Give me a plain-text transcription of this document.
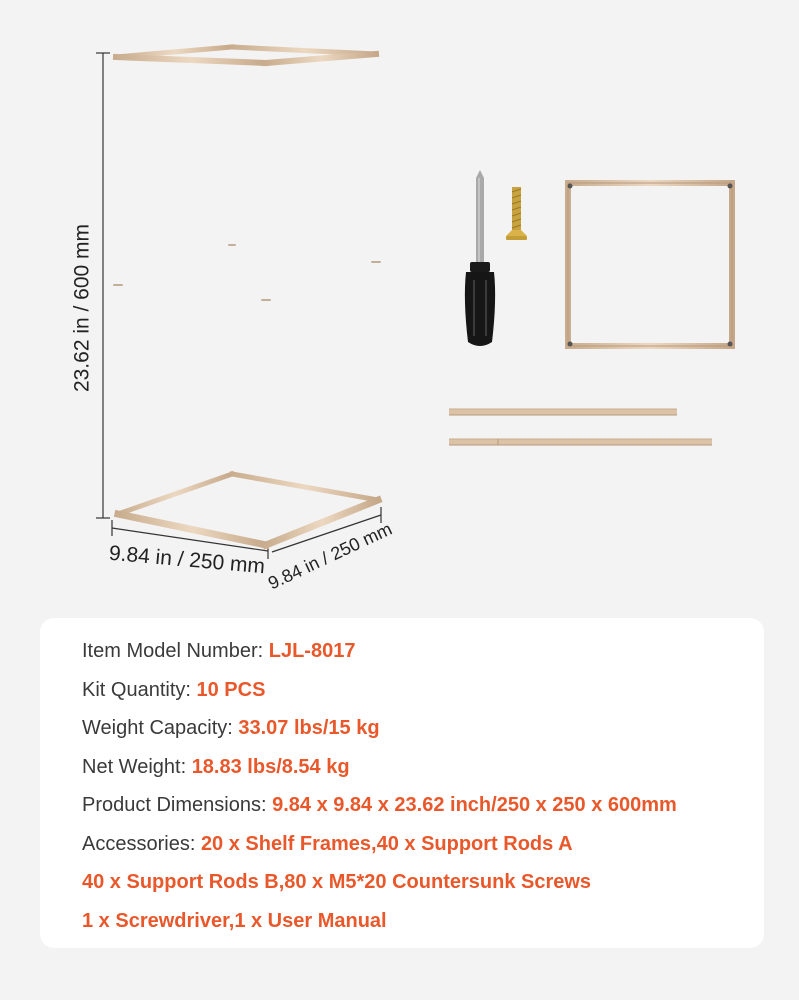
23.62 in / 600 mm
9.84 in / 250 mm 9.84 in / 250 mm
Item Model Number: LJL-8017
Kit Quantity: 10 PCS
Weight Capacity: 33.07 lbs/15 kg
Net Weight: 18.83 lbs/8.54 kg
Product Dimensions: 9.84 x 9.84 x 23.62 inch/250 x 250 x 600mm
Accessories: 20 x Shelf Frames,40 x Support Rods A
40 x Support Rods B,80 x M5*20 Countersunk Screws
1 x Screwdriver,1 x User Manual
